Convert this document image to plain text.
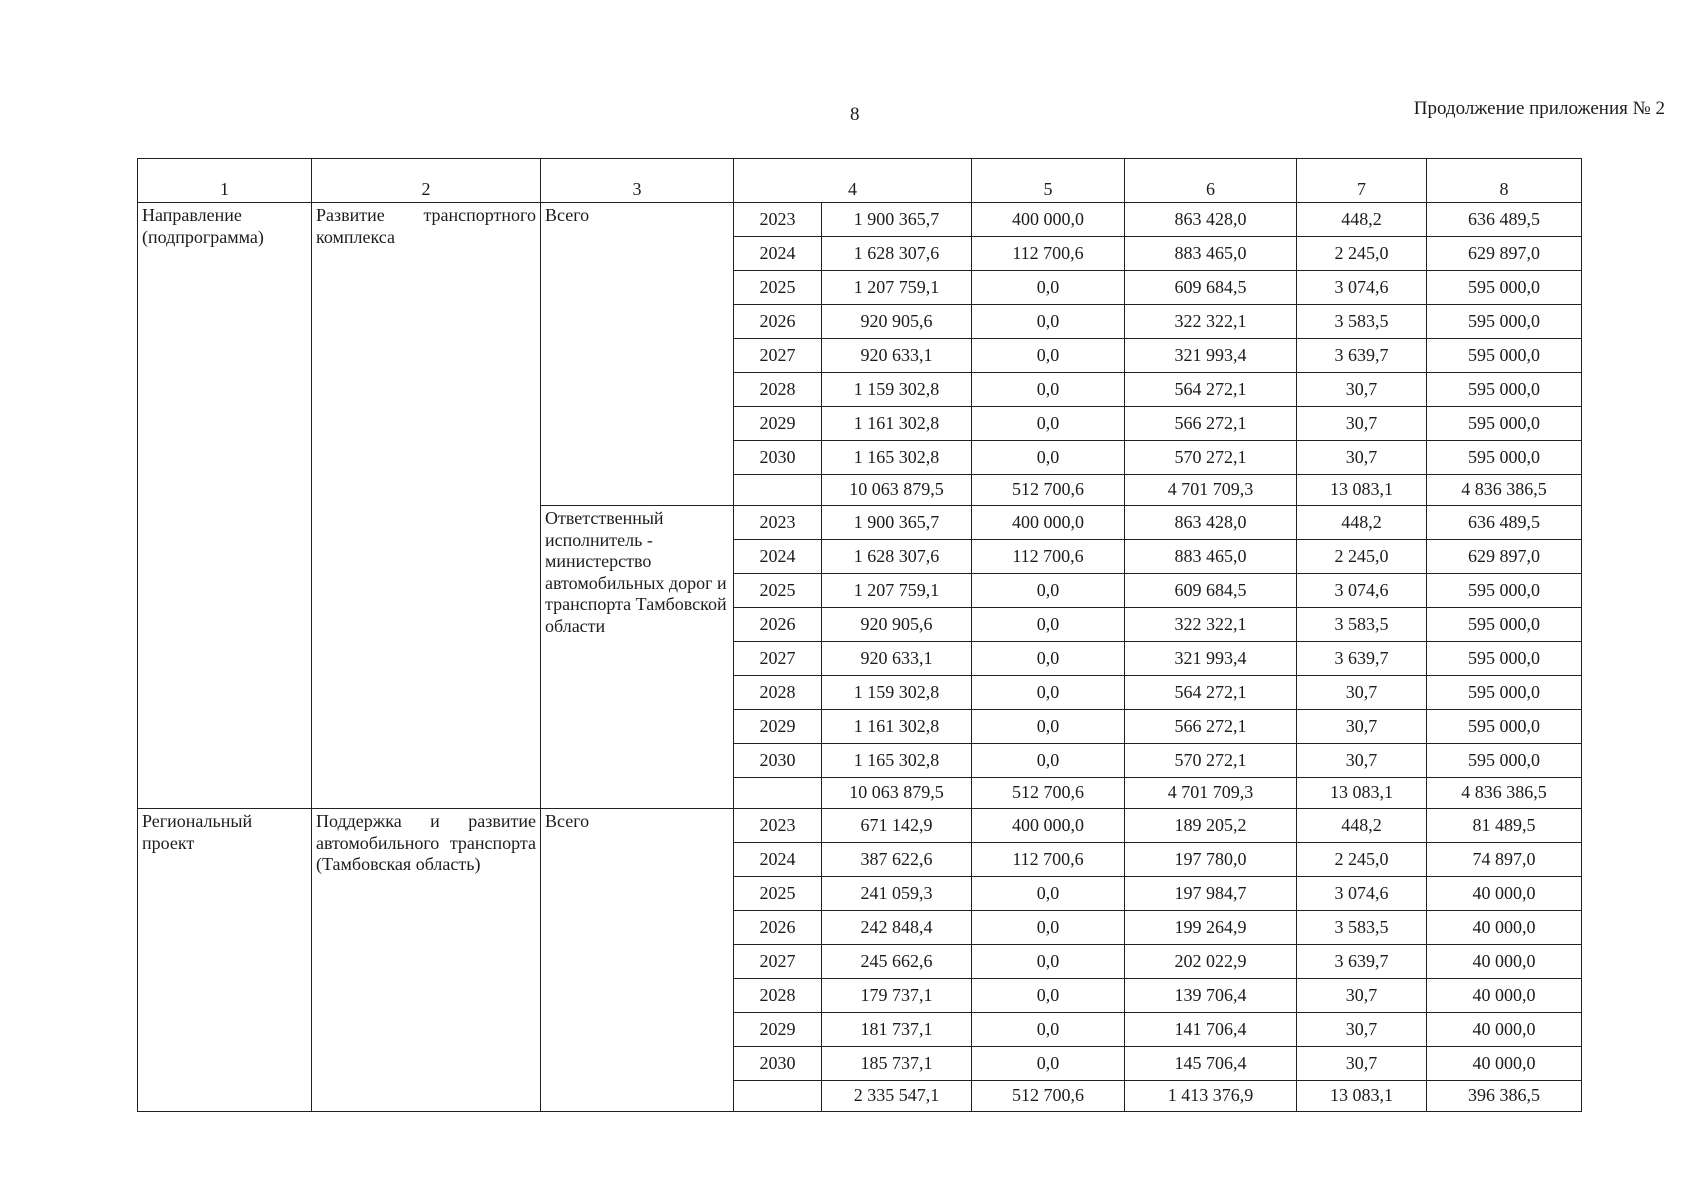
8	Продолжение приложения № 2
1	2	3	4		5	6	7	8
Направление (подпрограмма)	Развитие транспортного комплекса	Всего	2023	1 900 365,7	400 000,0	863 428,0	448,2	636 489,5
			2024	1 628 307,6	112 700,6	883 465,0	2 245,0	629 897,0
			2025	1 207 759,1	0,0	609 684,5	3 074,6	595 000,0
			2026	920 905,6	0,0	322 322,1	3 583,5	595 000,0
			2027	920 633,1	0,0	321 993,4	3 639,7	595 000,0
			2028	1 159 302,8	0,0	564 272,1	30,7	595 000,0
			2029	1 161 302,8	0,0	566 272,1	30,7	595 000,0
			2030	1 165 302,8	0,0	570 272,1	30,7	595 000,0
				10 063 879,5	512 700,6	4 701 709,3	13 083,1	4 836 386,5
		Ответственный исполнитель - министерство автомобильных дорог и транспорта Тамбовской области	2023	1 900 365,7	400 000,0	863 428,0	448,2	636 489,5
			2024	1 628 307,6	112 700,6	883 465,0	2 245,0	629 897,0
			2025	1 207 759,1	0,0	609 684,5	3 074,6	595 000,0
			2026	920 905,6	0,0	322 322,1	3 583,5	595 000,0
			2027	920 633,1	0,0	321 993,4	3 639,7	595 000,0
			2028	1 159 302,8	0,0	564 272,1	30,7	595 000,0
			2029	1 161 302,8	0,0	566 272,1	30,7	595 000,0
			2030	1 165 302,8	0,0	570 272,1	30,7	595 000,0
				10 063 879,5	512 700,6	4 701 709,3	13 083,1	4 836 386,5
Региональный проект	Поддержка и развитие автомобильного транспорта (Тамбовская область)	Всего	2023	671 142,9	400 000,0	189 205,2	448,2	81 489,5
			2024	387 622,6	112 700,6	197 780,0	2 245,0	74 897,0
			2025	241 059,3	0,0	197 984,7	3 074,6	40 000,0
			2026	242 848,4	0,0	199 264,9	3 583,5	40 000,0
			2027	245 662,6	0,0	202 022,9	3 639,7	40 000,0
			2028	179 737,1	0,0	139 706,4	30,7	40 000,0
			2029	181 737,1	0,0	141 706,4	30,7	40 000,0
			2030	185 737,1	0,0	145 706,4	30,7	40 000,0
				2 335 547,1	512 700,6	1 413 376,9	13 083,1	396 386,5
